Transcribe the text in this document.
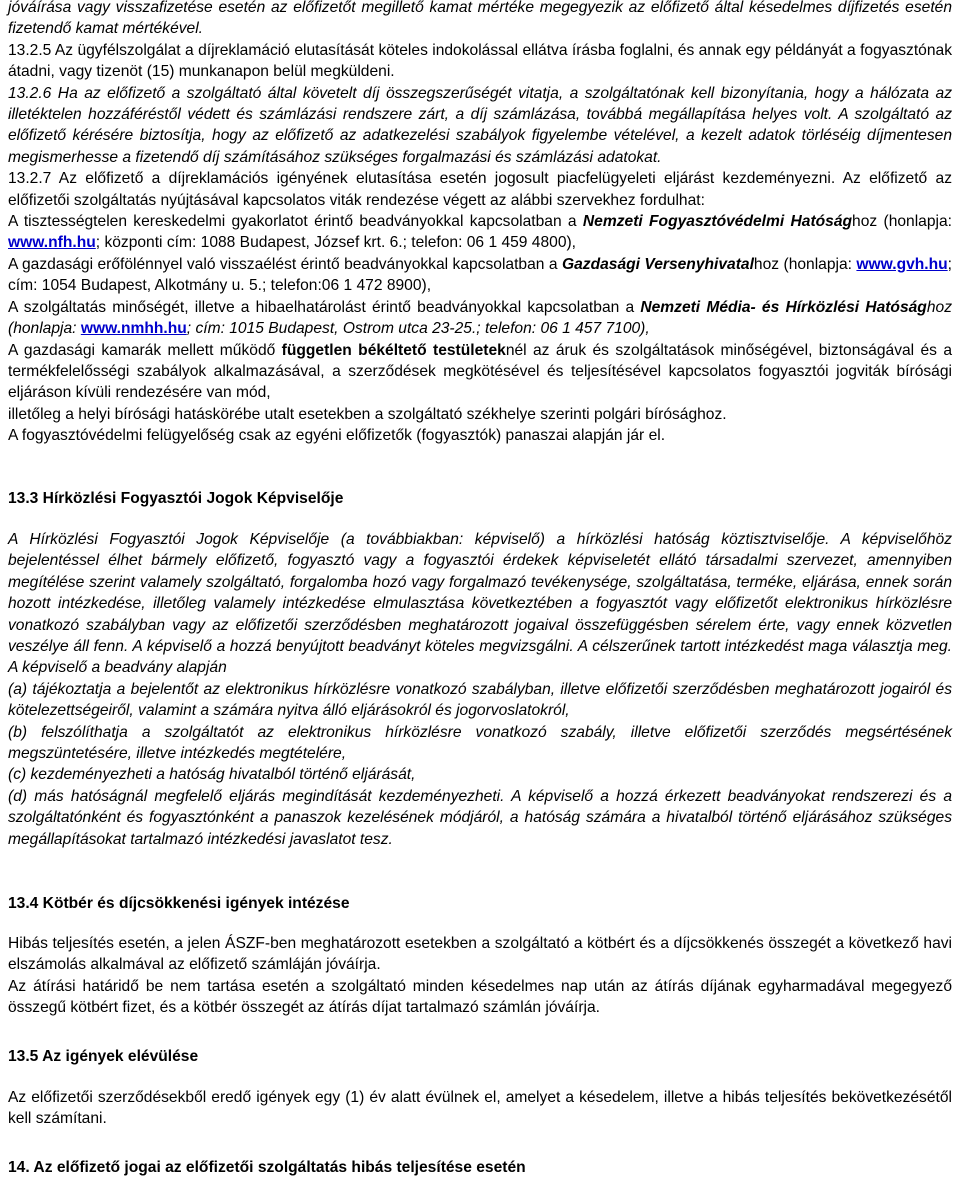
jóváírása vagy visszafizetése esetén az előfizetőt megillető kamat mértéke megegyezik az előfizető által késedelmes díjfizetés esetén fizetendő kamat mértékével.

13.2.5 Az ügyfélszolgálat a díjreklamáció elutasítását köteles indokolással ellátva írásba foglalni, és annak egy példányát a fogyasztónak átadni, vagy tizenöt (15) munkanapon belül megküldeni.

13.2.6 Ha az előfizető a szolgáltató által követelt díj összegszerűségét vitatja, a szolgáltatónak kell bizonyítania, hogy a hálózata az illetéktelen hozzáféréstől védett és számlázási rendszere zárt, a díj számlázása, továbbá megállapítása helyes volt. A szolgáltató az előfizető kérésére biztosítja, hogy az előfizető az adatkezelési szabályok figyelembe vételével, a kezelt adatok törléséig díjmentesen megismerhesse a fizetendő díj számításához szükséges forgalmazási és számlázási adatokat.

13.2.7 Az előfizető a díjreklamációs igényének elutasítása esetén jogosult piacfelügyeleti eljárást kezdeményezni. Az előfizető az előfizetői szolgáltatás nyújtásával kapcsolatos viták rendezése végett az alábbi szervekhez fordulhat:

A tisztességtelen kereskedelmi gyakorlatot érintő beadványokkal kapcsolatban a Nemzeti Fogyasztóvédelmi Hatósághoz (honlapja: www.nfh.hu; központi cím: 1088 Budapest, József krt. 6.; telefon: 06 1 459 4800),

A gazdasági erőfölénnyel való visszaélést érintő beadványokkal kapcsolatban a Gazdasági Versenyhivatalhoz (honlapja: www.gvh.hu; cím: 1054 Budapest, Alkotmány u. 5.; telefon:06 1 472 8900),

A szolgáltatás minőségét, illetve a hibaelhatárolást érintő beadványokkal kapcsolatban a Nemzeti Média- és Hírközlési Hatósághoz (honlapja: www.nmhh.hu; cím: 1015 Budapest, Ostrom utca 23-25.; telefon: 06 1 457 7100),

A gazdasági kamarák mellett működő független békéltető testületeknél az áruk és szolgáltatások minőségével, biztonságával és a termékfelelősségi szabályok alkalmazásával, a szerződések megkötésével és teljesítésével kapcsolatos fogyasztói jogviták bírósági eljáráson kívüli rendezésére van mód,

illetőleg a helyi bírósági hatáskörébe utalt esetekben a szolgáltató székhelye szerinti polgári bírósághoz.

A fogyasztóvédelmi felügyelőség csak az egyéni előfizetők (fogyasztók) panaszai alapján jár el.

13.3 Hírközlési Fogyasztói Jogok Képviselője

A Hírközlési Fogyasztói Jogok Képviselője (a továbbiakban: képviselő) a hírközlési hatóság köztisztviselője. A képviselőhöz bejelentéssel élhet bármely előfizető, fogyasztó vagy a fogyasztói érdekek képviseletét ellátó társadalmi szervezet, amennyiben megítélése szerint valamely szolgáltató, forgalomba hozó vagy forgalmazó tevékenysége, szolgáltatása, terméke, eljárása, ennek során hozott intézkedése, illetőleg valamely intézkedése elmulasztása következtében a fogyasztót vagy előfizetőt elektronikus hírközlésre vonatkozó szabályban vagy az előfizetői szerződésben meghatározott jogaival összefüggésben sérelem érte, vagy ennek közvetlen veszélye áll fenn. A képviselő a hozzá benyújtott beadványt köteles megvizsgálni. A célszerűnek tartott intézkedést maga választja meg. A képviselő a beadvány alapján

(a) tájékoztatja a bejelentőt az elektronikus hírközlésre vonatkozó szabályban, illetve előfizetői szerződésben meghatározott jogairól és kötelezettségeiről, valamint a számára nyitva álló eljárásokról és jogorvoslatokról,

(b) felszólíthatja a szolgáltatót az elektronikus hírközlésre vonatkozó szabály, illetve előfizetői szerződés megsértésének megszüntetésére, illetve intézkedés megtételére,

(c) kezdeményezheti a hatóság hivatalból történő eljárását,

(d) más hatóságnál megfelelő eljárás megindítását kezdeményezheti. A képviselő a hozzá érkezett beadványokat rendszerezi és a szolgáltatónként és fogyasztónként a panaszok kezelésének módjáról, a hatóság számára a hivatalból történő eljárásához szükséges megállapításokat tartalmazó intézkedési javaslatot tesz.

13.4 Kötbér és díjcsökkenési igények intézése

Hibás teljesítés esetén, a jelen ÁSZF-ben meghatározott esetekben a szolgáltató a kötbért és a díjcsökkenés összegét a következő havi elszámolás alkalmával az előfizető számláján jóváírja.

Az átírási határidő be nem tartása esetén a szolgáltató minden késedelmes nap után az átírás díjának egyharmadával megegyező összegű kötbért fizet, és a kötbér összegét az átírás díjat tartalmazó számlán jóváírja.

13.5 Az igények elévülése

Az előfizetői szerződésekből eredő igények egy (1) év alatt évülnek el, amelyet a késedelem, illetve a hibás teljesítés bekövetkezésétől kell számítani.

14. Az előfizető jogai az előfizetői szolgáltatás hibás teljesítése esetén
